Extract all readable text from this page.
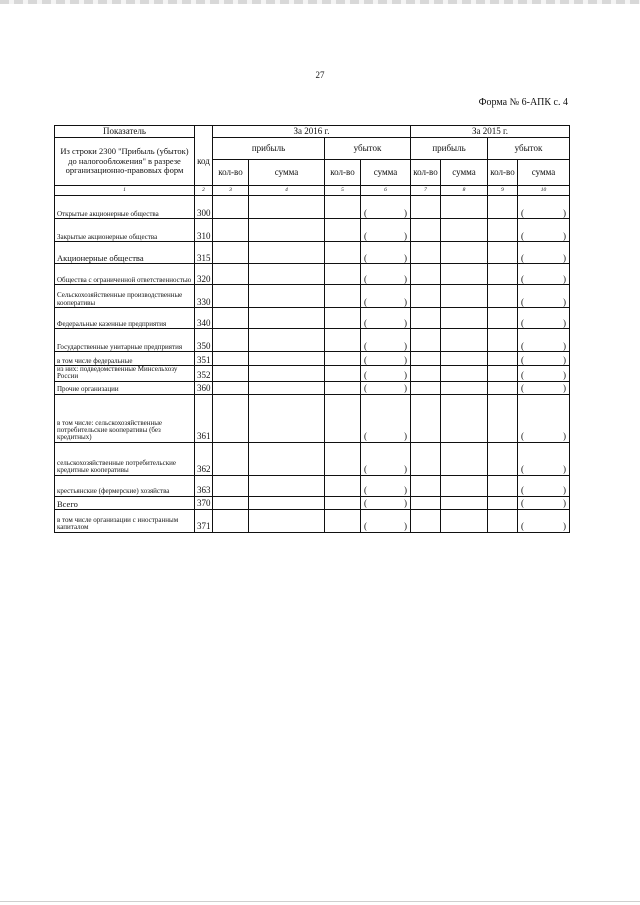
27
Форма № 6-АПК с. 4
Показатель		За 2016 г.				За 2015 г.			
Из строки 2300 "Прибыль (убыток) до налогообложения" в разрезе организационно-правовых форм	код	прибыль		убыток		прибыль		убыток	
		кол-во	сумма	кол-во	сумма	кол-во	сумма	кол-во	сумма
1	2	3	4	5	6	7	8	9	10
Открытые акционерные общества	300				( )				( )

Закрытые акционерные общества	310				( )				( )

Акционерные общества	315				( )				( )

Общества с ограниченной ответственностью	320				( )				( )

Сельскохозяйственные производственные кооперативы	330				( )				( )

Федеральные казенные предприятия	340				( )				( )

Государственные унитарные предприятия	350				( )				( )

в том числе федеральные	351				( )				( )

из них: подведомственные Минсельхозу России	352				( )				( )

Прочие организации	360				( )				( )

в том числе: сельскохозяйственные потребительские кооперативы (без кредитных)	361				( )				( )

сельскохозяйственные потребительские кредитные кооперативы	362				( )				( )

крестьянские (фермерские) хозяйства	363				( )				( )

Всего	370				( )				( )

в том числе организации с иностранным капиталом	371				( )				( )
